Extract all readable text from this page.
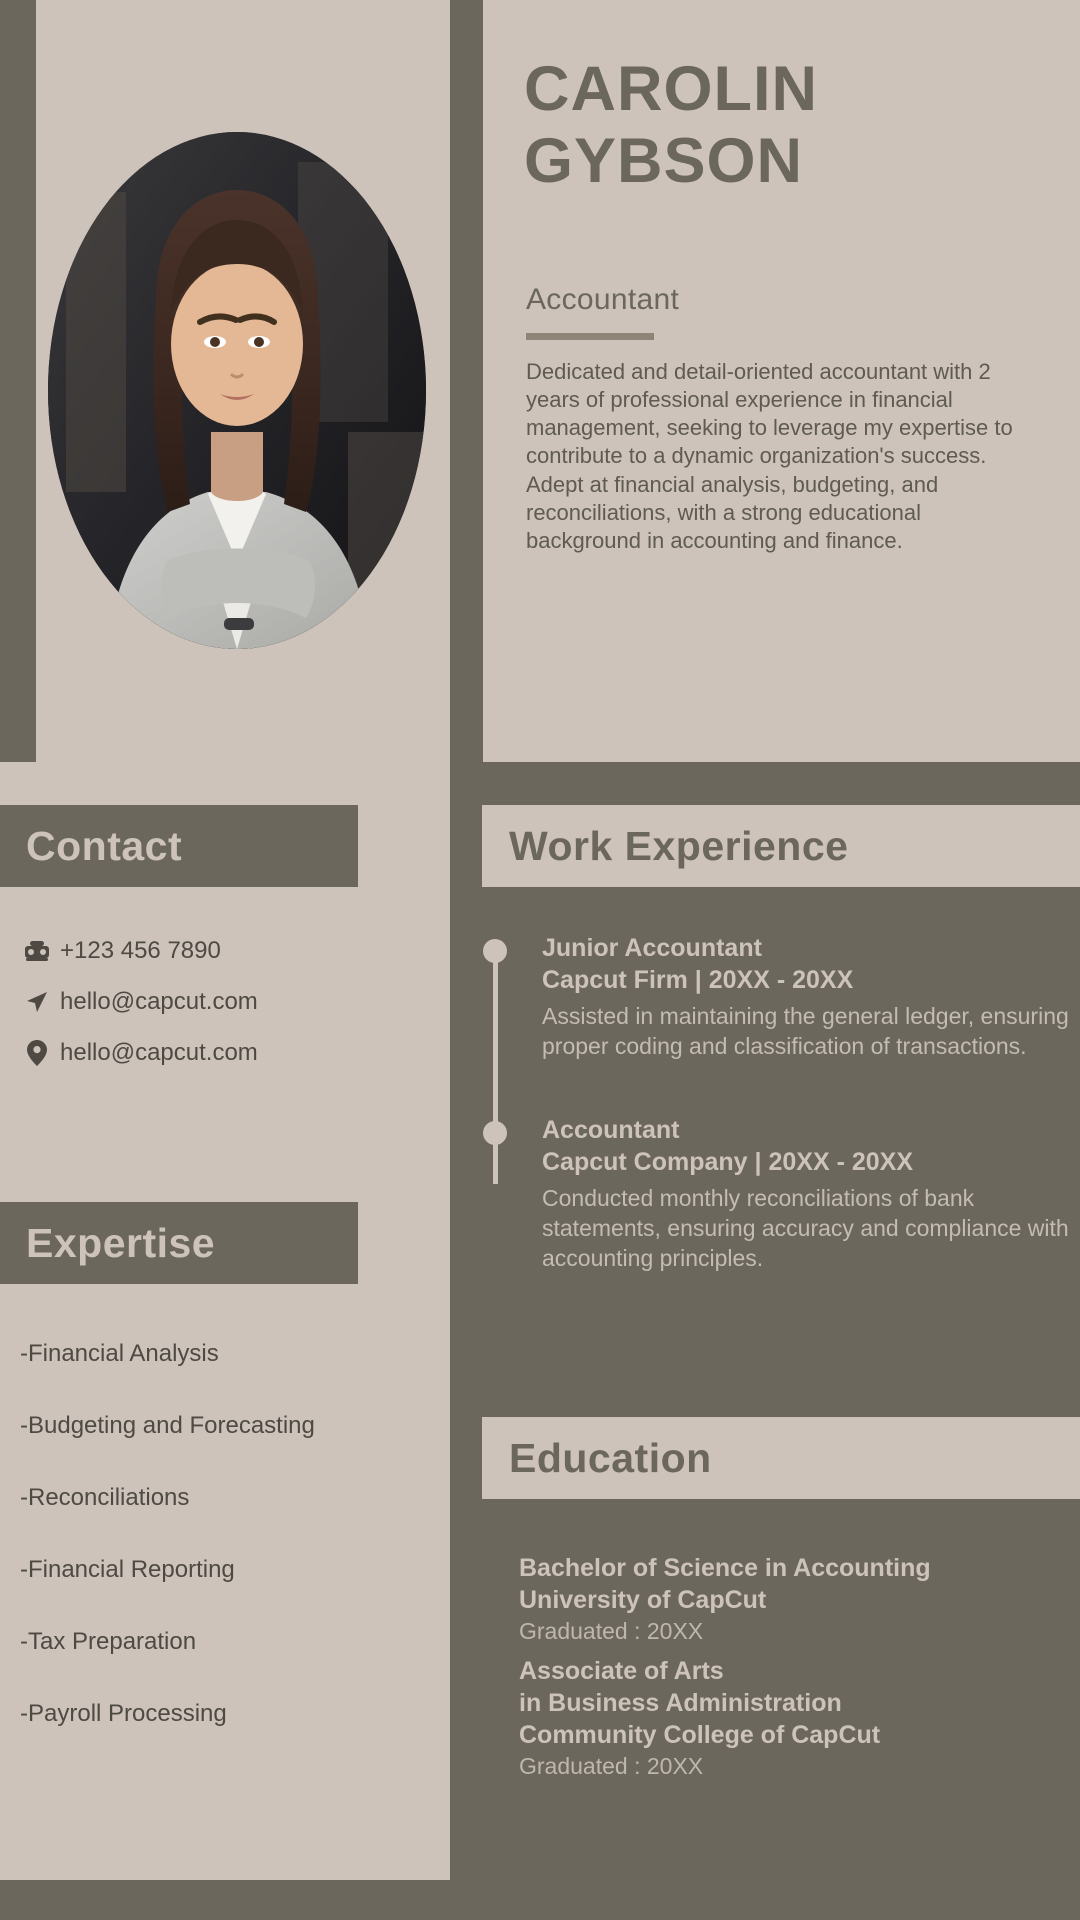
CAROLIN
GYBSON
Accountant
Dedicated and detail-oriented accountant with 2 years of professional experience in financial management, seeking to leverage my expertise to contribute to a dynamic organization's success. Adept at financial analysis, budgeting, and reconciliations, with a strong educational background in accounting and finance.
Contact
+123 456 7890
hello@capcut.com
hello@capcut.com
Expertise
-Financial Analysis
-Budgeting and Forecasting
-Reconciliations
-Financial Reporting
-Tax Preparation
-Payroll Processing
Work Experience
Junior Accountant
Capcut Firm | 20XX - 20XX
Assisted in maintaining the general ledger, ensuring proper coding and classification of transactions.
Accountant
Capcut Company | 20XX - 20XX
Conducted monthly reconciliations of bank statements, ensuring accuracy and compliance with accounting principles.
Education
Bachelor of Science in Accounting
University of CapCut
Graduated : 20XX
Associate of Arts
in Business Administration
Community College of CapCut
Graduated : 20XX
